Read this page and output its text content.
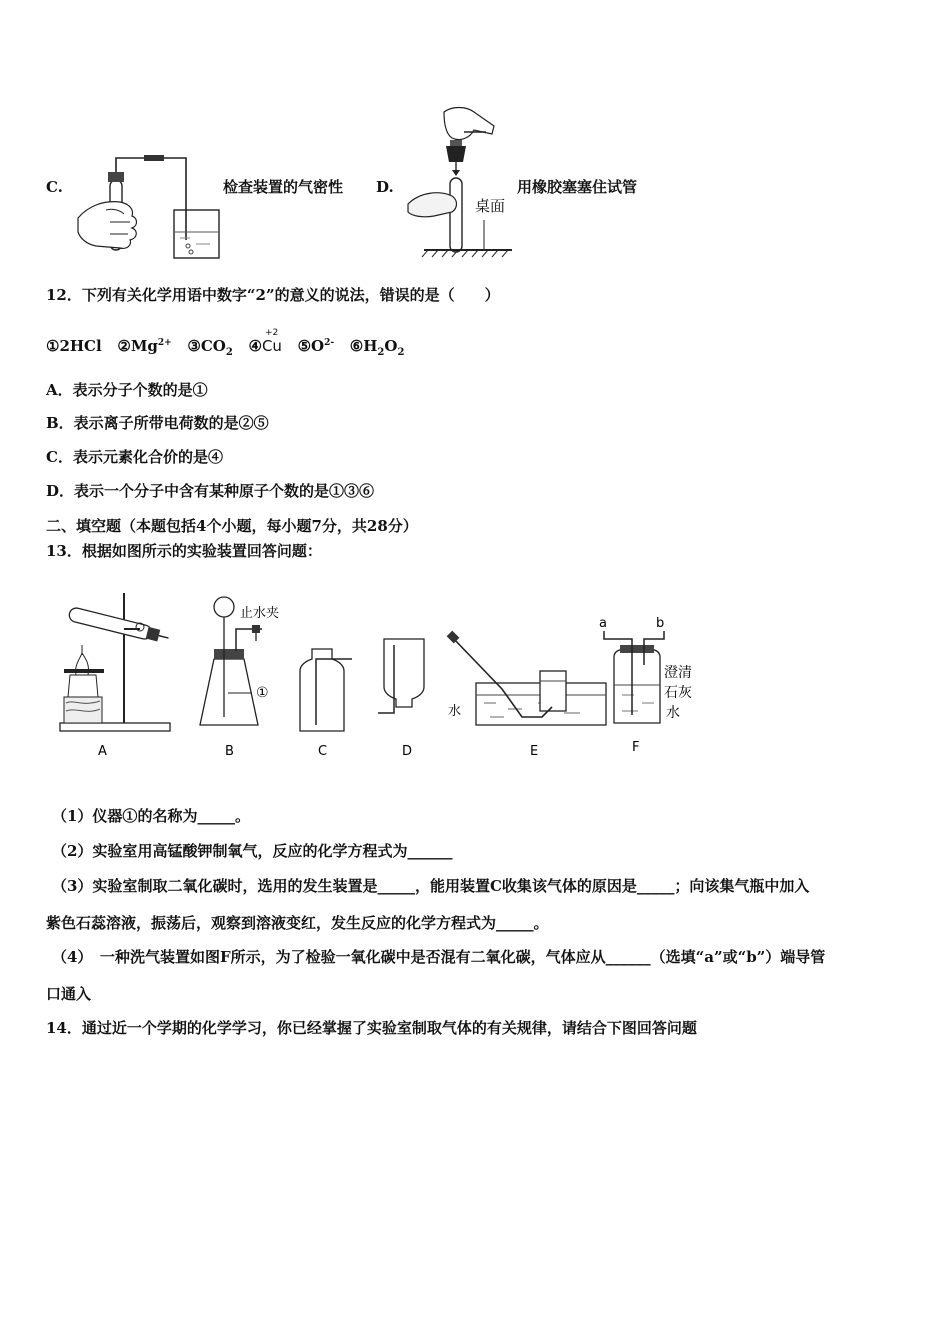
C.	检查装置的气密性 D.
桌面
用橡胶塞塞住试管
12．下列有关化学用语中数字“2”的意义的说法，错误的是（　　）
①2HCl $②Mg^{2+}$ $③CO_2$ ④
+2
Cu $⑤O^{2-}$ $⑥H_2O_2$
A．表示分子个数的是①
B．表示离子所带电荷数的是②⑤
C．表示元素化合价的是④
D．表示一个分子中含有某种原子个数的是①③⑥
二、填空题（本题包括4个小题，每小题7分，共28分）
13．根据如图所示的实验装置回答问题：
A
止水夹
①
B	C	D
水
E
a	b
澄清
石灰
水
F
（1）仪器①的名称为_____。
（2）实验室用高锰酸钾制氧气，反应的化学方程式为______
（3）实验室制取二氧化碳时，选用的发生装置是_____，能用装置C收集该气体的原因是_____；向该集气瓶中加入
紫色石蕊溶液，振荡后，观察到溶液变红，发生反应的化学方程式为_____。
（4）　一种洗气装置如图F所示，为了检验一氧化碳中是否混有二氧化碳，气体应从______（选填“a”或“b”）端导管
口通入
14．通过近一个学期的化学学习，你已经掌握了实验室制取气体的有关规律，请结合下图回答问题
